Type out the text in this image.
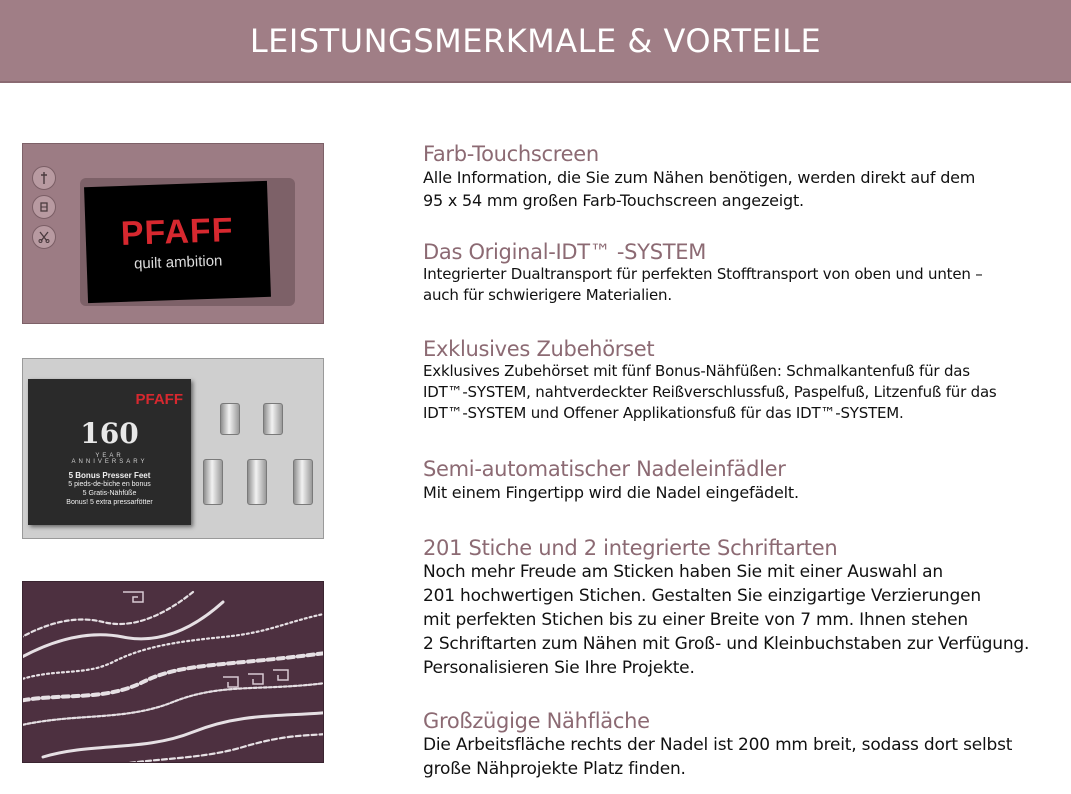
LEISTUNGSMERKMALE & VORTEILE
PFAFF
quilt ambition
PFAFF
160
YEAR
ANNIVERSARY
5 Bonus Presser Feet
5 pieds-de-biche en bonus
5 Gratis-Nähfüße
Bonus! 5 extra pressarfötter
Farb-Touchscreen

Alle Information, die Sie zum Nähen benötigen, werden direkt auf dem
95 x 54 mm großen Farb-Touchscreen angezeigt.

Das Original-IDT™ -SYSTEM

Integrierter Dualtransport für perfekten Stofftransport von oben und unten –
auch für schwierigere Materialien.

Exklusives Zubehörset

Exklusives Zubehörset mit fünf Bonus-Nähfüßen: Schmalkantenfuß für das
IDT™-SYSTEM, nahtverdeckter Reißverschlussfuß, Paspelfuß, Litzenfuß für das
IDT™-SYSTEM und Offener Applikationsfuß für das IDT™-SYSTEM.

Semi-automatischer Nadeleinfädler

Mit einem Fingertipp wird die Nadel eingefädelt.

201 Stiche und 2 integrierte Schriftarten

Noch mehr Freude am Sticken haben Sie mit einer Auswahl an
201 hochwertigen Stichen. Gestalten Sie einzigartige Verzierungen
mit perfekten Stichen bis zu einer Breite von 7 mm. Ihnen stehen
2 Schriftarten zum Nähen mit Groß- und Kleinbuchstaben zur Verfügung.
Personalisieren Sie Ihre Projekte.

Großzügige Nähfläche

Die Arbeitsfläche rechts der Nadel ist 200 mm breit, sodass dort selbst
große Nähprojekte Platz finden.
